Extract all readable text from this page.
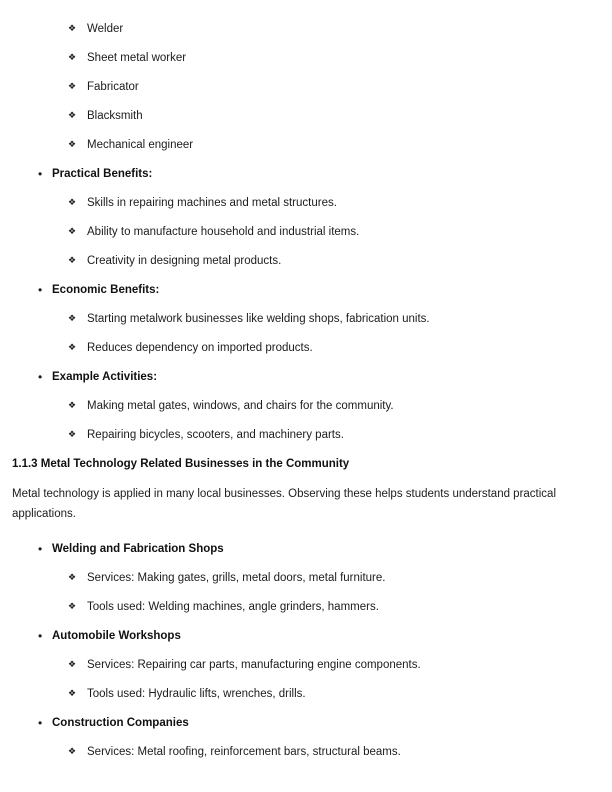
❖ Welder
❖ Sheet metal worker
❖ Fabricator
❖ Blacksmith
❖ Mechanical engineer
• Practical Benefits:
❖ Skills in repairing machines and metal structures.
❖ Ability to manufacture household and industrial items.
❖ Creativity in designing metal products.
• Economic Benefits:
❖ Starting metalwork businesses like welding shops, fabrication units.
❖ Reduces dependency on imported products.
• Example Activities:
❖ Making metal gates, windows, and chairs for the community.
❖ Repairing bicycles, scooters, and machinery parts.
1.1.3 Metal Technology Related Businesses in the Community
Metal technology is applied in many local businesses. Observing these helps students understand practical applications.
• Welding and Fabrication Shops
❖ Services: Making gates, grills, metal doors, metal furniture.
❖ Tools used: Welding machines, angle grinders, hammers.
• Automobile Workshops
❖ Services: Repairing car parts, manufacturing engine components.
❖ Tools used: Hydraulic lifts, wrenches, drills.
• Construction Companies
❖ Services: Metal roofing, reinforcement bars, structural beams.
